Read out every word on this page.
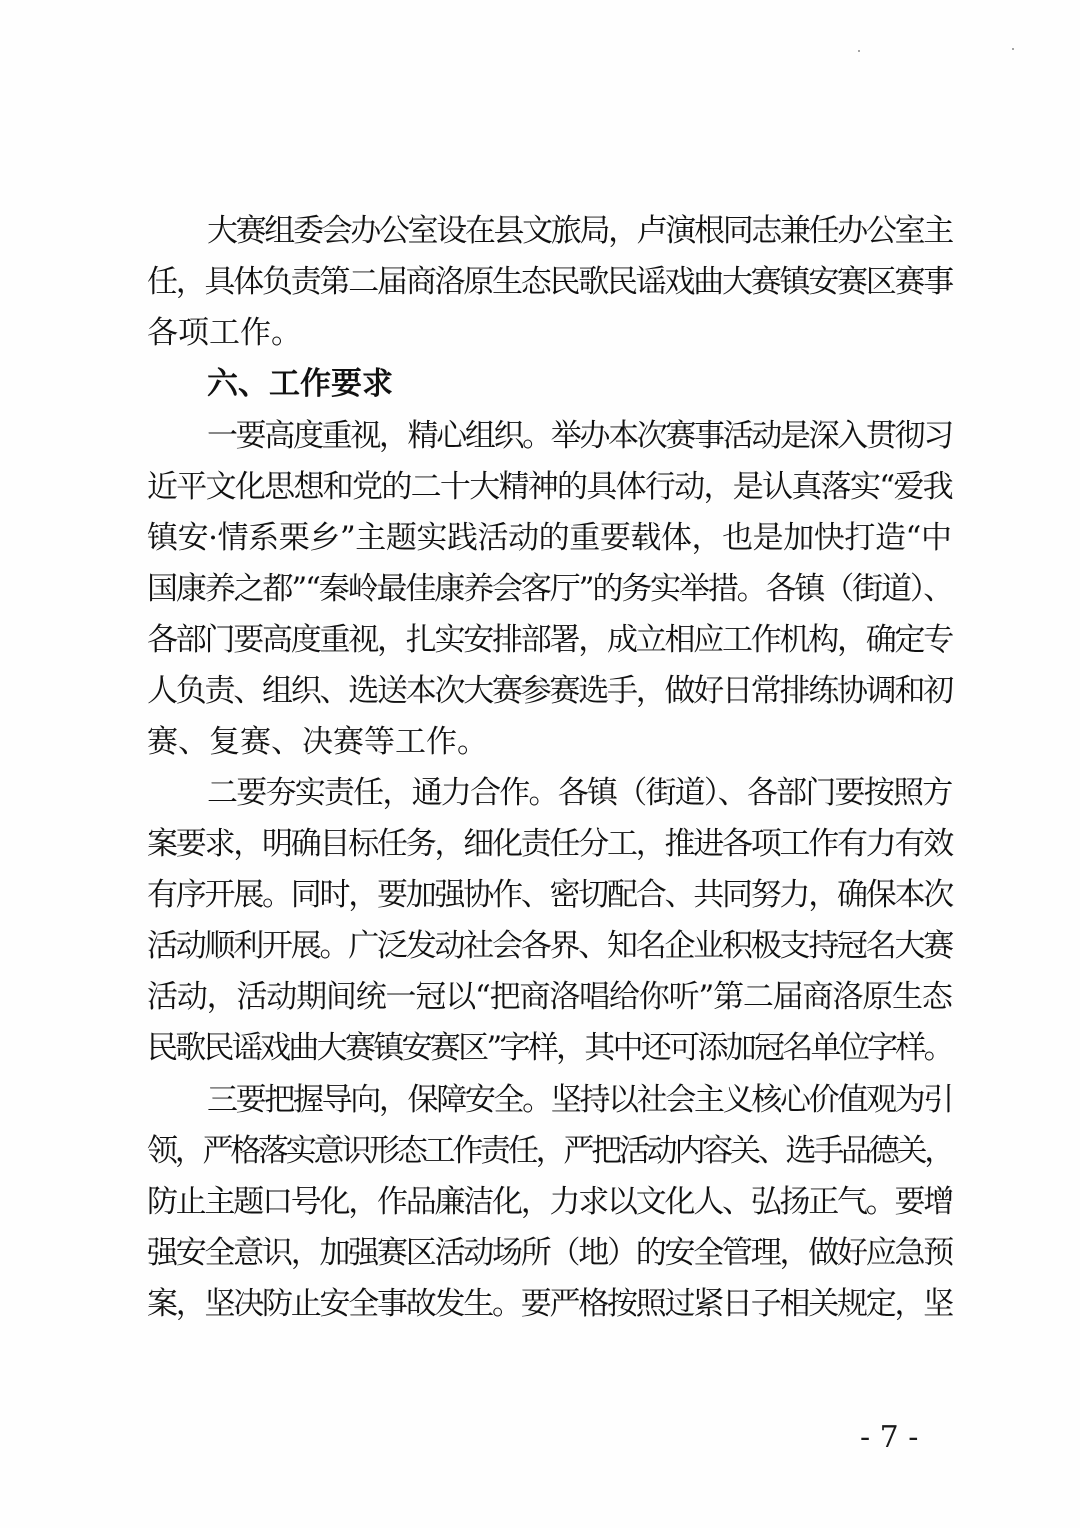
大赛组委会办公室设在县文旅局，卢演根同志兼任办公室主
任，具体负责第二届商洛原生态民歌民谣戏曲大赛镇安赛区赛事
各项工作。
六、工作要求
一要高度重视，精心组织。举办本次赛事活动是深入贯彻习
近平文化思想和党的二十大精神的具体行动，是认真落实“爱我
镇安·情系栗乡”主题实践活动的重要载体，也是加快打造“中
国康养之都”“秦岭最佳康养会客厅”的务实举措。各镇（街道）、
各部门要高度重视，扎实安排部署，成立相应工作机构，确定专
人负责、组织、选送本次大赛参赛选手，做好日常排练协调和初
赛、复赛、决赛等工作。
二要夯实责任，通力合作。各镇（街道）、各部门要按照方
案要求，明确目标任务，细化责任分工，推进各项工作有力有效
有序开展。同时，要加强协作、密切配合、共同努力，确保本次
活动顺利开展。广泛发动社会各界、知名企业积极支持冠名大赛
活动，活动期间统一冠以“把商洛唱给你听”第二届商洛原生态
民歌民谣戏曲大赛镇安赛区”字样，其中还可添加冠名单位字样。
三要把握导向，保障安全。坚持以社会主义核心价值观为引
领，严格落实意识形态工作责任，严把活动内容关、选手品德关，
防止主题口号化，作品廉洁化，力求以文化人、弘扬正气。要增
强安全意识，加强赛区活动场所（地）的安全管理，做好应急预
案，坚决防止安全事故发生。要严格按照过紧日子相关规定，坚
- 7 -
